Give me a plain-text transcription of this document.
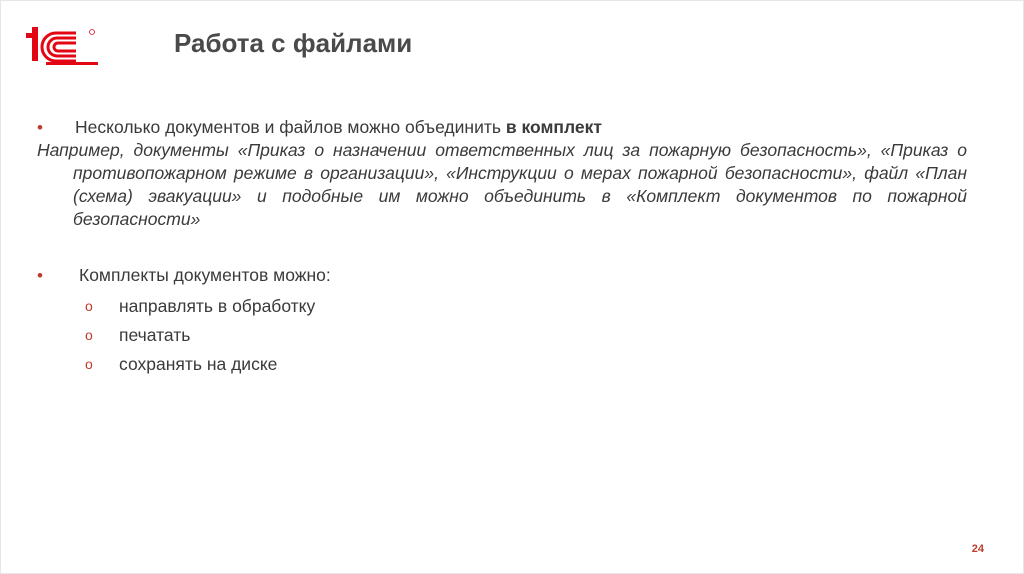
Работа с файлами
• Несколько документов и файлов можно объединить в комплект
Например, документы «Приказ о назначении ответственных лиц за пожарную безопасность», «Приказ о противопожарном режиме в организации», «Инструкции о мерах пожарной безопасности», файл «План (схема) эвакуации» и подобные им можно объединить в «Комплект документов по пожарной безопасности»
• Комплекты документов можно:
o направлять в обработку
o печатать
o сохранять на диске
24
